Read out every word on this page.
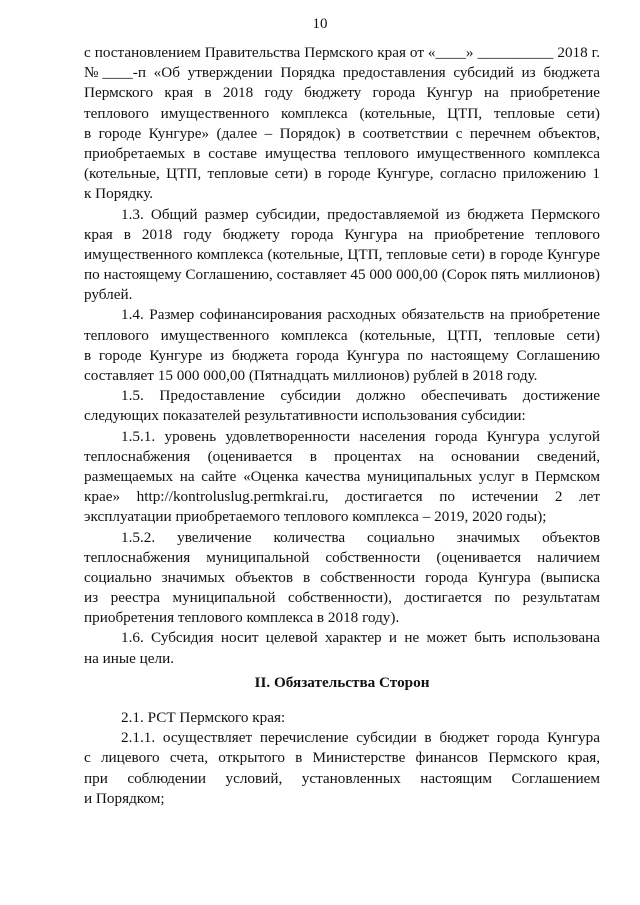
10
с постановлением Правительства Пермского края от «____» __________ 2018 г.
№____-п «Об утверждении Порядка предоставления субсидий из бюджета
Пермского края в 2018 году бюджету города Кунгур на приобретение
теплового имущественного комплекса (котельные, ЦТП, тепловые сети)
в городе Кунгуре» (далее – Порядок) в соответствии с перечнем объектов,
приобретаемых в составе имущества теплового имущественного комплекса
(котельные, ЦТП, тепловые сети) в городе Кунгуре, согласно приложению 1
к Порядку.
1.3. Общий размер субсидии, предоставляемой из бюджета Пермского
края в 2018 году бюджету города Кунгура на приобретение теплового
имущественного комплекса (котельные, ЦТП, тепловые сети) в городе Кунгуре
по настоящему Соглашению, составляет 45 000 000,00 (Сорок пять миллионов)
рублей.
1.4. Размер софинансирования расходных обязательств на приобретение
теплового имущественного комплекса (котельные, ЦТП, тепловые сети)
в городе Кунгуре из бюджета города Кунгура по настоящему Соглашению
составляет 15 000 000,00 (Пятнадцать миллионов) рублей в 2018 году.
1.5. Предоставление субсидии должно обеспечивать достижение
следующих показателей результативности использования субсидии:
1.5.1. уровень удовлетворенности населения города Кунгура услугой
теплоснабжения (оценивается в процентах на основании сведений,
размещаемых на сайте «Оценка качества муниципальных услуг в Пермском
крае» http://kontroluslug.permkrai.ru, достигается по истечении 2 лет
эксплуатации приобретаемого теплового комплекса – 2019, 2020 годы);
1.5.2. увеличение количества социально значимых объектов
теплоснабжения муниципальной собственности (оценивается наличием
социально значимых объектов в собственности города Кунгура (выписка
из реестра муниципальной собственности), достигается по результатам
приобретения теплового комплекса в 2018 году).
1.6. Субсидия носит целевой характер и не может быть использована
на иные цели.
II. Обязательства Сторон
2.1. РСТ Пермского края:
2.1.1. осуществляет перечисление субсидии в бюджет города Кунгура
с лицевого счета, открытого в Министерстве финансов Пермского края,
при соблюдении условий, установленных настоящим Соглашением
и Порядком;
